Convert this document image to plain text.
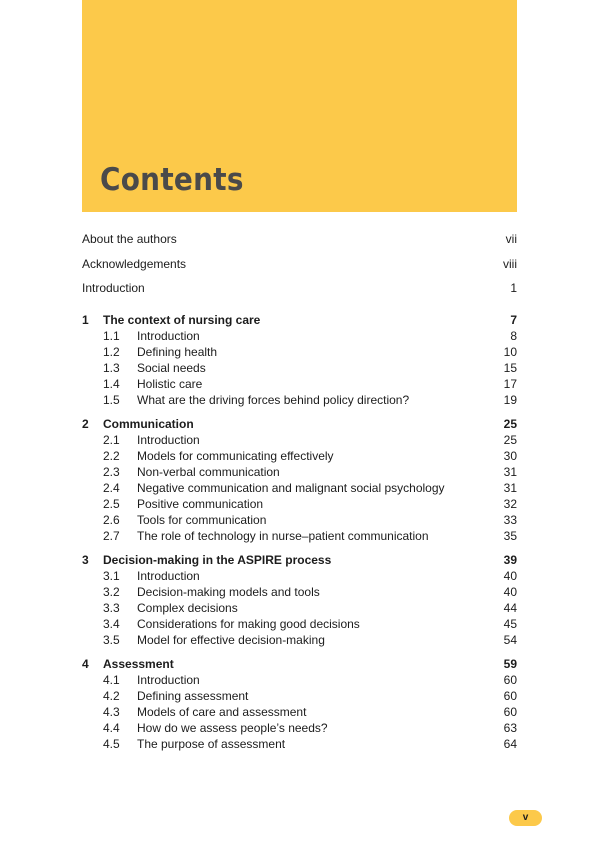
Contents
About the authors	vii
Acknowledgements	viii
Introduction	1
1	The context of nursing care	7
1.1	Introduction	8
1.2	Defining health	10
1.3	Social needs	15
1.4	Holistic care	17
1.5	What are the driving forces behind policy direction?	19
2	Communication	25
2.1	Introduction	25
2.2	Models for communicating effectively	30
2.3	Non-verbal communication	31
2.4	Negative communication and malignant social psychology	31
2.5	Positive communication	32
2.6	Tools for communication	33
2.7	The role of technology in nurse–patient communication	35
3	Decision-making in the ASPIRE process	39
3.1	Introduction	40
3.2	Decision-making models and tools	40
3.3	Complex decisions	44
3.4	Considerations for making good decisions	45
3.5	Model for effective decision-making	54
4	Assessment	59
4.1	Introduction	60
4.2	Defining assessment	60
4.3	Models of care and assessment	60
4.4	How do we assess people’s needs?	63
4.5	The purpose of assessment	64
v
